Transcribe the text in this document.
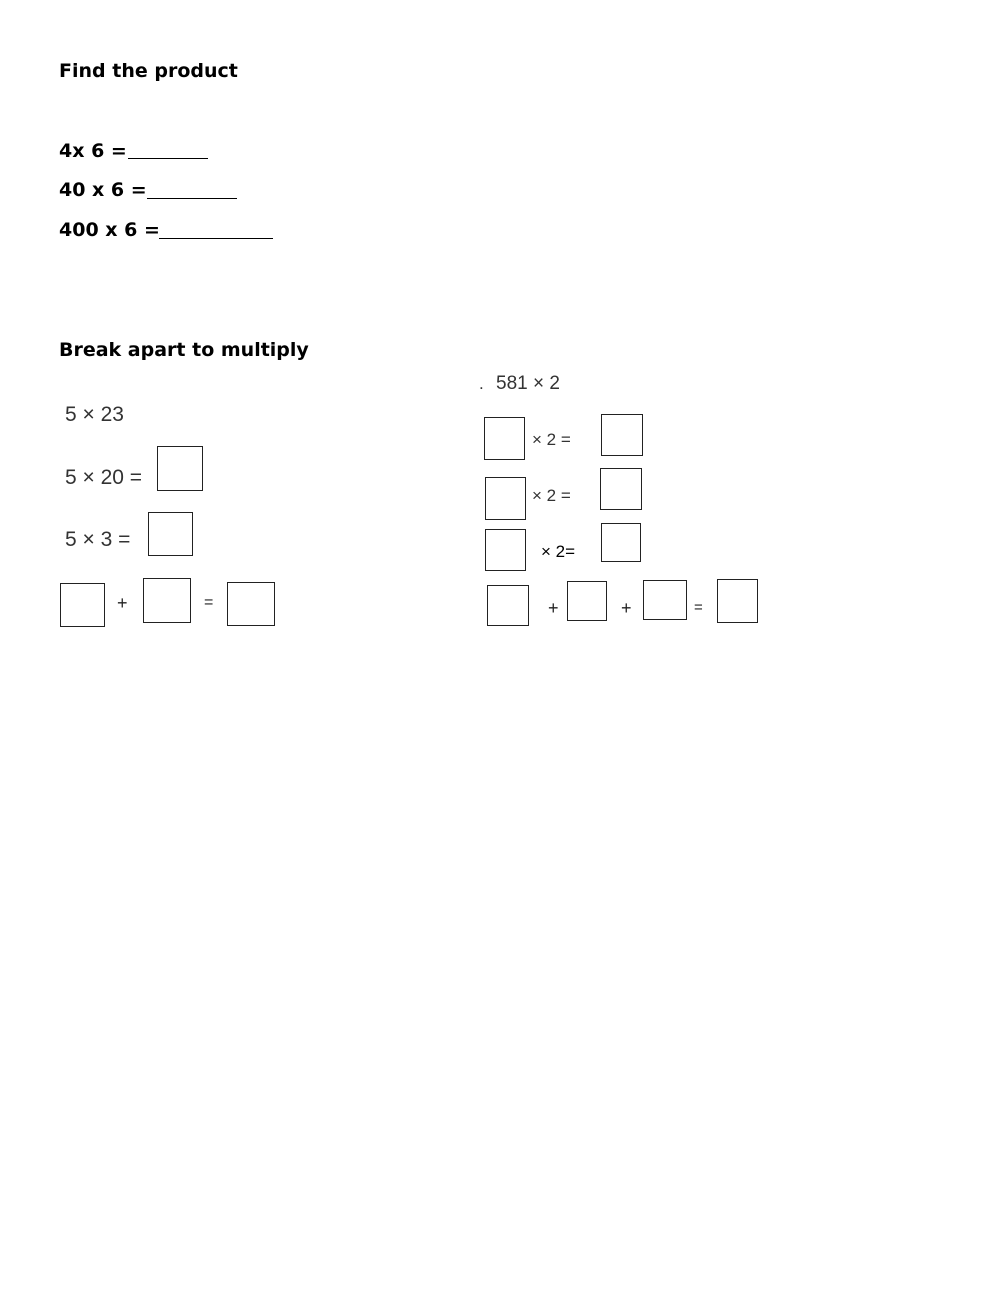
Find the product
4x 6 =
40 x 6 =
400 x 6 =
Break apart to multiply
5 × 23
5 × 20 =
5 × 3 =
+	=
. 581 × 2
× 2 =
× 2 =
× 2=
+	+	=
